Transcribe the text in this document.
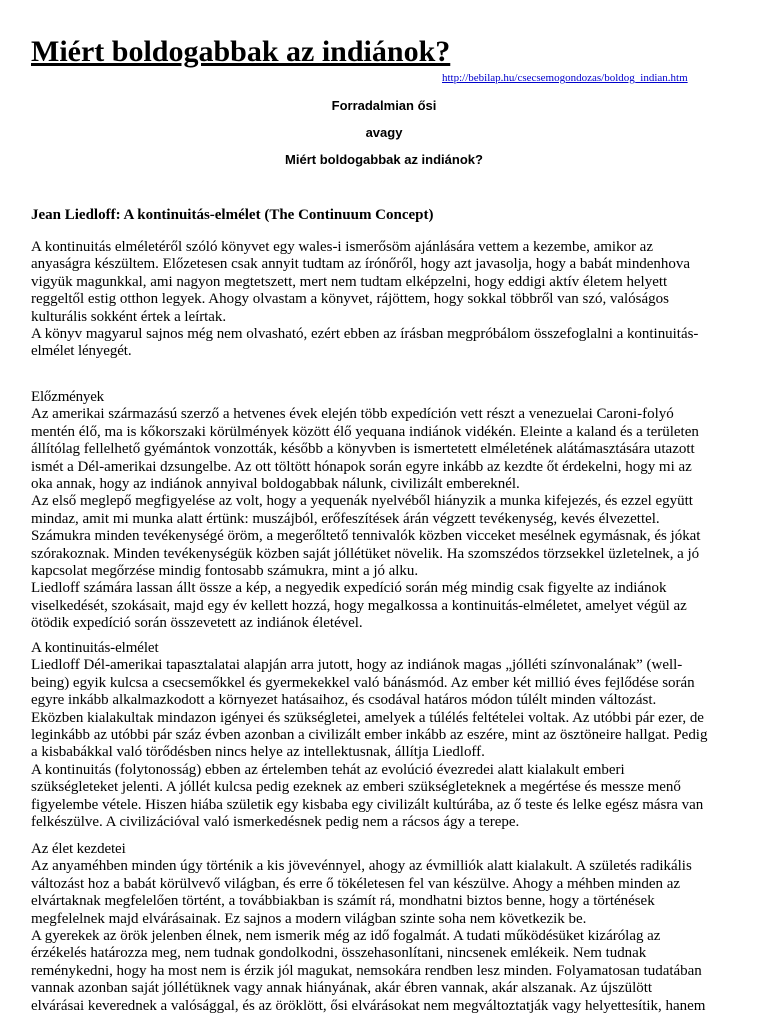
Miért boldogabbak az indiánok?
http://bebilap.hu/csecsemogondozas/boldog_indian.htm
Forradalmian ősi
avagy
Miért boldogabbak az indiánok?
Jean Liedloff: A kontinuitás-elmélet (The Continuum Concept)
A kontinuitás elméletéről szóló könyvet egy wales-i ismerősöm ajánlására vettem a kezembe, amikor az
anyaságra készültem. Előzetesen csak annyit tudtam az írónőről, hogy azt javasolja, hogy a babát mindenhova
vigyük magunkkal, ami nagyon megtetszett, mert nem tudtam elképzelni, hogy eddigi aktív életem helyett
reggeltől estig otthon legyek. Ahogy olvastam a könyvet, rájöttem, hogy sokkal többről van szó, valóságos
kulturális sokként értek a leírtak.
A könyv magyarul sajnos még nem olvasható, ezért ebben az írásban megpróbálom összefoglalni a kontinuitás-
elmélet lényegét.
Előzmények
Az amerikai származású szerző a hetvenes évek elején több expedíción vett részt a venezuelai Caroni-folyó
mentén élő, ma is kőkorszaki körülmények között élő yequana indiánok vidékén. Eleinte a kaland és a területen
állítólag fellelhető gyémántok vonzották, később a könyvben is ismertetett elméletének alátámasztására utazott
ismét a Dél-amerikai dzsungelbe. Az ott töltött hónapok során egyre inkább az kezdte őt érdekelni, hogy mi az
oka annak, hogy az indiánok annyival boldogabbak nálunk, civilizált embereknél.
Az első meglepő megfigyelése az volt, hogy a yequenák nyelvéből hiányzik a munka kifejezés, és ezzel együtt
mindaz, amit mi munka alatt értünk: muszájból, erőfeszítések árán végzett tevékenység, kevés élvezettel.
Számukra minden tevékenységé öröm, a megerőltető tennivalók közben vicceket mesélnek egymásnak, és jókat
szórakoznak. Minden tevékenységük közben saját jóllétüket növelik. Ha szomszédos törzsekkel üzletelnek, a jó
kapcsolat megőrzése mindig fontosabb számukra, mint a jó alku.
Liedloff számára lassan állt össze a kép, a negyedik expedíció során még mindig csak figyelte az indiánok
viselkedését, szokásait, majd egy év kellett hozzá, hogy megalkossa a kontinuitás-elméletet, amelyet végül az
ötödik expedíció során összevetett az indiánok életével.
A kontinuitás-elmélet
Liedloff Dél-amerikai tapasztalatai alapján arra jutott, hogy az indiánok magas „jólléti színvonalának” (well-
being) egyik kulcsa a csecsemőkkel és gyermekekkel való bánásmód. Az ember két millió éves fejlődése során
egyre inkább alkalmazkodott a környezet hatásaihoz, és csodával határos módon túlélt minden változást.
Eközben kialakultak mindazon igényei és szükségletei, amelyek a túlélés feltételei voltak. Az utóbbi pár ezer, de
leginkább az utóbbi pár száz évben azonban a civilizált ember inkább az eszére, mint az ösztöneire hallgat. Pedig
a kisbabákkal való törődésben nincs helye az intellektusnak, állítja Liedloff.
A kontinuitás (folytonosság) ebben az értelemben tehát az evolúció évezredei alatt kialakult emberi
szükségleteket jelenti. A jóllét kulcsa pedig ezeknek az emberi szükségleteknek a megértése és messze menő
figyelembe vétele. Hiszen hiába születik egy kisbaba egy civilizált kultúrába, az ő teste és lelke egész másra van
felkészülve. A civilizációval való ismerkedésnek pedig nem a rácsos ágy a terepe.
Az élet kezdetei
Az anyaméhben minden úgy történik a kis jövevénnyel, ahogy az évmilliók alatt kialakult. A születés radikális
változást hoz a babát körülvevő világban, és erre ő tökéletesen fel van készülve. Ahogy a méhben minden az
elvártaknak megfelelően történt, a továbbiakban is számít rá, mondhatni biztos benne, hogy a történések
megfelelnek majd elvárásainak. Ez sajnos a modern világban szinte soha nem következik be.
A gyerekek az örök jelenben élnek, nem ismerik még az idő fogalmát. A tudati működésüket kizárólag az
érzékelés határozza meg, nem tudnak gondolkodni, összehasonlítani, nincsenek emlékeik. Nem tudnak
reménykedni, hogy ha most nem is érzik jól magukat, nemsokára rendben lesz minden. Folyamatosan tudatában
vannak azonban saját jóllétüknek vagy annak hiányának, akár ébren vannak, akár alszanak. Az újszülött
elvárásai keverednek a valósággal, és az öröklött, ősi elvárásokat nem megváltoztatják vagy helyettesítik, hanem
